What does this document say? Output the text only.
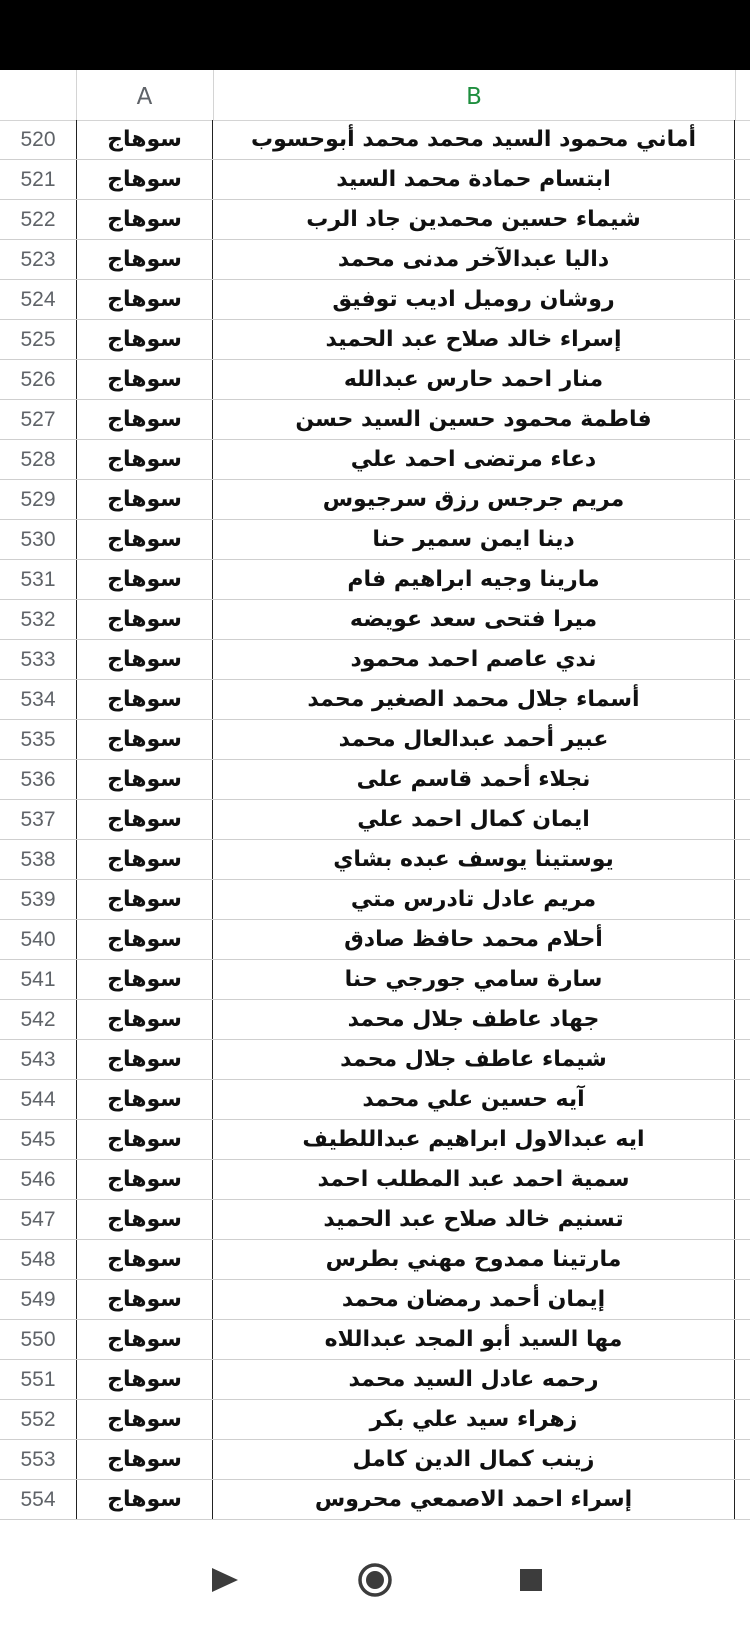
A	B
520	سوهاج	أماني محمود السيد محمد محمد أبوحسوب
521	سوهاج	ابتسام حمادة محمد السيد
522	سوهاج	شيماء حسين محمدين جاد الرب
523	سوهاج	داليا عبدالآخر مدنى محمد
524	سوهاج	روشان روميل اديب توفيق
525	سوهاج	إسراء خالد صلاح عبد الحميد
526	سوهاج	منار احمد حارس عبدالله
527	سوهاج	فاطمة محمود حسين السيد حسن
528	سوهاج	دعاء مرتضى احمد علي
529	سوهاج	مريم جرجس رزق سرجيوس
530	سوهاج	دينا ايمن سمير حنا
531	سوهاج	مارينا وجيه ابراهيم فام
532	سوهاج	ميرا فتحى سعد عويضه
533	سوهاج	ندي عاصم احمد محمود
534	سوهاج	أسماء جلال محمد الصغير محمد
535	سوهاج	عبير أحمد عبدالعال محمد
536	سوهاج	نجلاء أحمد قاسم على
537	سوهاج	ايمان كمال احمد علي
538	سوهاج	يوستينا يوسف عبده بشاي
539	سوهاج	مريم عادل تادرس متي
540	سوهاج	أحلام محمد حافظ صادق
541	سوهاج	سارة سامي جورجي حنا
542	سوهاج	جهاد عاطف جلال محمد
543	سوهاج	شيماء عاطف جلال محمد
544	سوهاج	آيه حسين علي محمد
545	سوهاج	ايه عبدالاول ابراهيم عبداللطيف
546	سوهاج	سمية احمد عبد المطلب احمد
547	سوهاج	تسنيم خالد صلاح عبد الحميد
548	سوهاج	مارتينا ممدوح مهني بطرس
549	سوهاج	إيمان أحمد رمضان محمد
550	سوهاج	مها السيد أبو المجد عبداللاه
551	سوهاج	رحمه عادل السيد محمد
552	سوهاج	زهراء سيد علي بكر
553	سوهاج	زينب كمال الدين كامل
554	سوهاج	إسراء احمد الاصمعي محروس
